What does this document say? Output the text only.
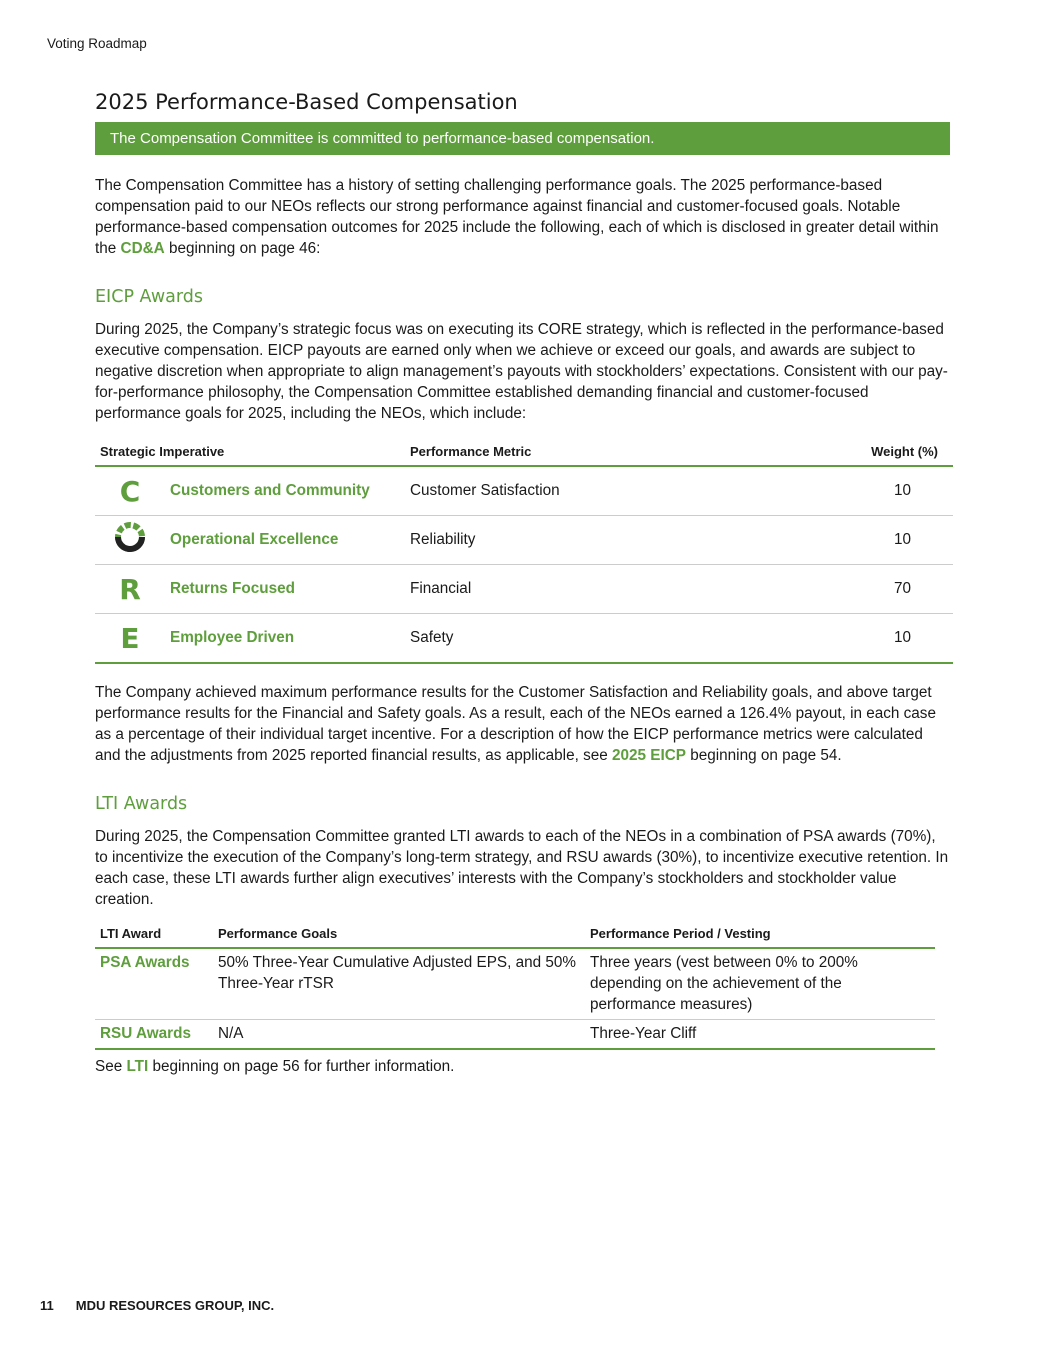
Voting Roadmap
2025 Performance-Based Compensation
The Compensation Committee is committed to performance-based compensation.

The Compensation Committee has a history of setting challenging performance goals. The 2025 performance-based compensation paid to our NEOs reflects our strong performance against financial and customer-focused goals. Notable performance-based compensation outcomes for 2025 include the following, each of which is disclosed in greater detail within the CD&A beginning on page 46:

EICP Awards

During 2025, the Company’s strategic focus was on executing its CORE strategy, which is reflected in the performance-based executive compensation. EICP payouts are earned only when we achieve or exceed our goals, and awards are subject to negative discretion when appropriate to align management’s payouts with stockholders’ expectations. Consistent with our pay-for-performance philosophy, the Compensation Committee established demanding financial and customer-focused performance goals for 2025, including the NEOs, which include:

Strategic Imperative		Performance Metric	Weight (%)
C	Customers and Community	Customer Satisfaction	10
	Operational Excellence	Reliability	10
R	Returns Focused	Financial	70
E	Employee Driven	Safety	10

The Company achieved maximum performance results for the Customer Satisfaction and Reliability goals, and above target performance results for the Financial and Safety goals. As a result, each of the NEOs earned a 126.4% payout, in each case as a percentage of their individual target incentive. For a description of how the EICP performance metrics were calculated and the adjustments from 2025 reported financial results, as applicable, see 2025 EICP beginning on page 54.

LTI Awards

During 2025, the Compensation Committee granted LTI awards to each of the NEOs in a combination of PSA awards (70%), to incentivize the execution of the Company’s long-term strategy, and RSU awards (30%), to incentivize executive retention. In each case, these LTI awards further align executives’ interests with the Company’s stockholders and stockholder value creation.

LTI Award	Performance Goals	Performance Period / Vesting
PSA Awards	50% Three-Year Cumulative Adjusted EPS, and 50% Three-Year rTSR	Three years (vest between 0% to 200% depending on the achievement of the performance measures)
RSU Awards	N/A	Three-Year Cliff

See LTI beginning on page 56 for further information.

11 MDU RESOURCES GROUP, INC.
